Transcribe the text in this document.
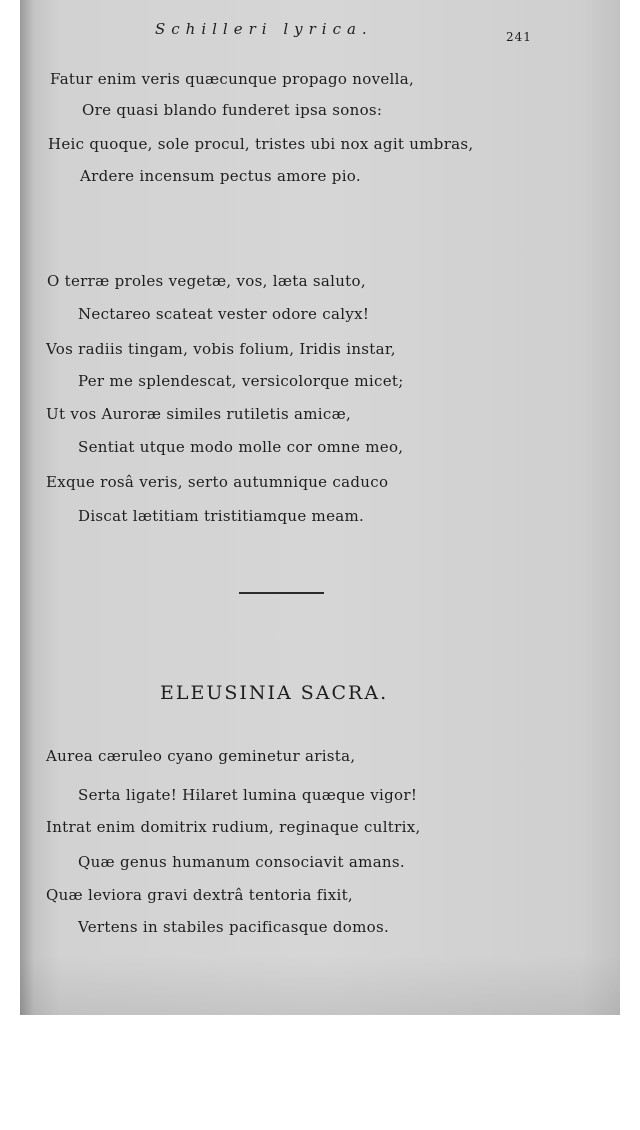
Schilleri lyrica.	241
Fatur enim veris quæcunque propago novella,
Ore quasi blando funderet ipsa sonos:
Heic quoque, sole procul, tristes ubi nox agit umbras,
Ardere incensum pectus amore pio.
O terræ proles vegetæ, vos, læta saluto,
Nectareo scateat vester odore calyx!
Vos radiis tingam, vobis folium, Iridis instar,
Per me splendescat, versicolorque micet;
Ut vos Auroræ similes rutiletis amicæ,
Sentiat utque modo molle cor omne meo,
Exque rosâ veris, serto autumnique caduco
Discat lætitiam tristitiamque meam.
ELEUSINIA SACRA.
Aurea cæruleo cyano geminetur arista,
Serta ligate! Hilaret lumina quæque vigor!
Intrat enim domitrix rudium, reginaque cultrix,
Quæ genus humanum consociavit amans.
Quæ leviora gravi dextrâ tentoria fixit,
Vertens in stabiles pacificasque domos.
